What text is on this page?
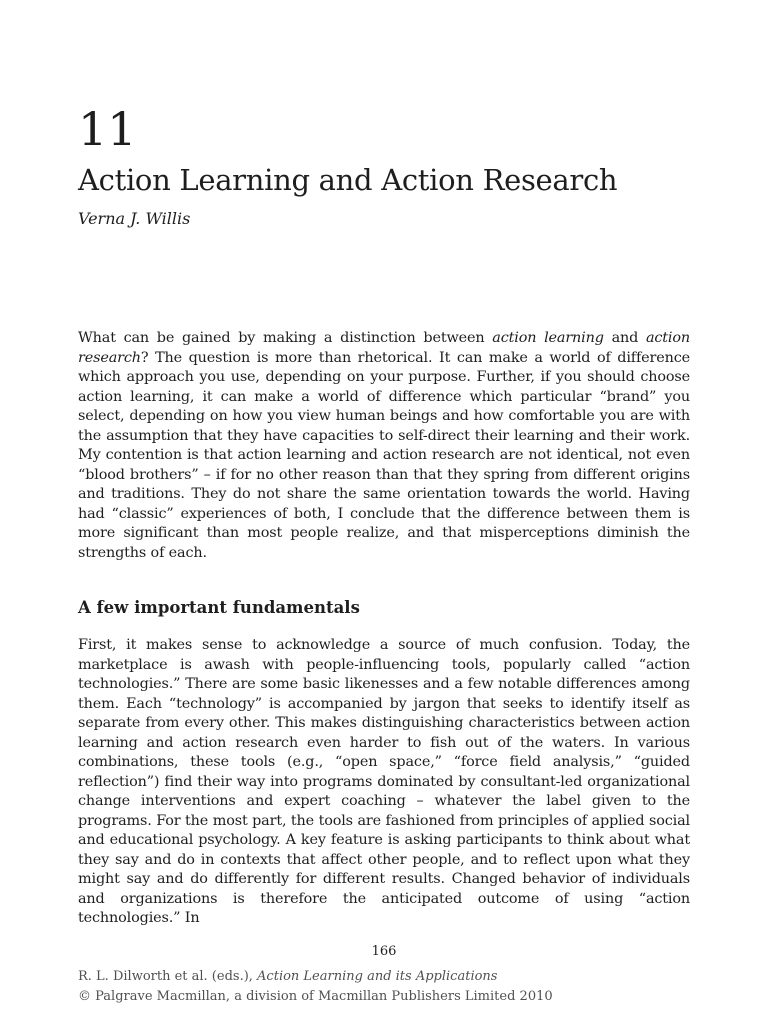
11
Action Learning and Action Research

Verna J. Willis

What can be gained by making a distinction between action learning and action research? The question is more than rhetorical. It can make a world of difference which approach you use, depending on your purpose. Further, if you should choose action learning, it can make a world of difference which particular “brand” you select, depending on how you view human beings and how comfortable you are with the assumption that they have capacities to self-direct their learning and their work. My contention is that action learning and action research are not identical, not even “blood brothers” – if for no other reason than that they spring from different origins and traditions. They do not share the same orientation towards the world. Having had “classic” experiences of both, I conclude that the difference between them is more significant than most people realize, and that misperceptions diminish the strengths of each.

A few important fundamentals

First, it makes sense to acknowledge a source of much confusion. Today, the marketplace is awash with people-influencing tools, popularly called “action technologies.” There are some basic likenesses and a few notable differences among them. Each “technology” is accompanied by jargon that seeks to identify itself as separate from every other. This makes distinguishing characteristics between action learning and action research even harder to fish out of the waters. In various combinations, these tools (e.g., “open space,” “force field analysis,” “guided reflection”) find their way into programs dominated by consultant-led organizational change interventions and expert coaching – whatever the label given to the programs. For the most part, the tools are fashioned from principles of applied social and educational psychology. A key feature is asking participants to think about what they say and do in contexts that affect other people, and to reflect upon what they might say and do differently for different results. Changed behavior of individuals and organizations is therefore the anticipated outcome of using “action technologies.” In

166

R. L. Dilworth et al. (eds.), Action Learning and its Applications

© Palgrave Macmillan, a division of Macmillan Publishers Limited 2010
